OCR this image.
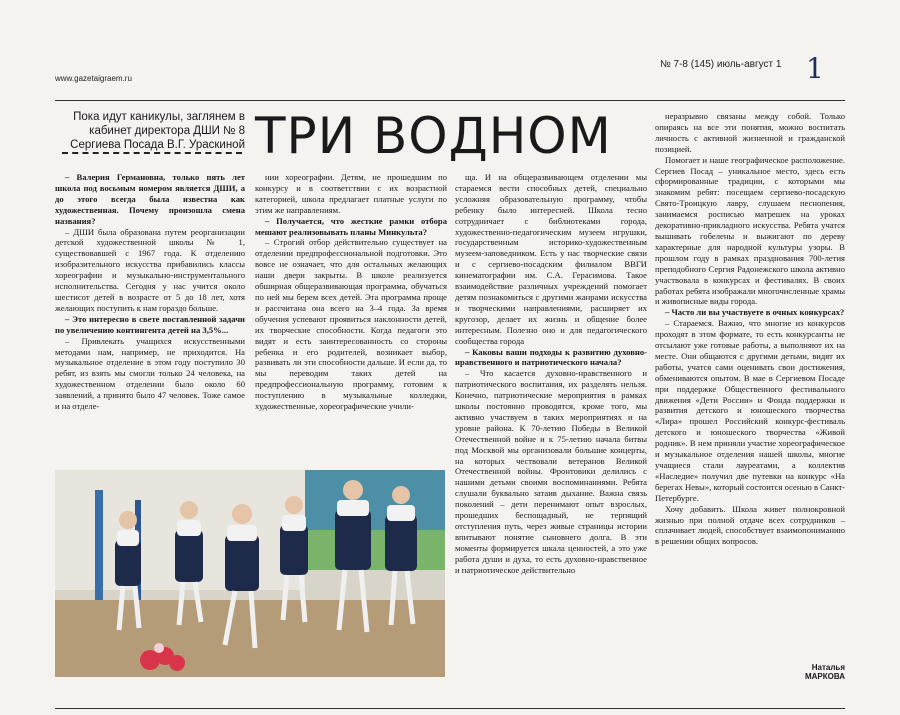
www.gazetaigraem.ru
№ 7-8 (145) июль-август 1 1
Пока идут каникулы, заглянем в кабинет директора ДШИ № 8 Сергиева Посада В.Г. Ураскиной ТРИ ВОДНОМ

– Валерия Германовна, только пять лет школа под восьмым номером является ДШИ, а до этого всегда была известна как художественная. Почему произошла смена названия?

– ДШИ была образована путем реорганизации детской художественной школы № 1, существовавшей с 1967 года. К отделению изобразительного искусства прибавились классы хореографии и музыкально-инструментального исполнительства. Сегодня у нас учится около шестисот детей в возрасте от 5 до 18 лет, хотя желающих поступить к нам гораздо больше.

– Это интересно в свете поставленной задачи по увеличению контингента детей на 3,5%...

– Привлекать учащихся искусственными методами нам, например, не приходится. На музыкальное отделение в этом году поступило 30 ребят, из взять мы смогли только 24 человека, на художественном отделении было около 60 заявлений, а принято было 47 человек. Тоже самое и на отделе-

нии хореографии. Детям, не прошедшим по конкурсу и в соответствии с их возрастной категорией, школа предлагает платные услуги по этим же направлениям.

– Получается, что жесткие рамки отбора мешают реализовывать планы Минкульта?

– Строгий отбор действительно существует на отделении предпрофессиональной подготовки. Это вовсе не означает, что для остальных желающих наши двери закрыты. В школе реализуется обширная общеразвивающая программа, обучаться по ней мы берем всех детей. Эта программа проще и рассчитана она всего на 3–4 года. За время обучения успевают проявиться наклонности детей, их творческие способности. Когда педагоги это видят и есть заинтересованность со стороны ребенка и его родителей, возникает выбор, развивать ли эти способности дальше. И если да, то мы переводим таких детей на предпрофессиональную программу, готовим к поступлению в музыкальные колледжи, художественные, хореографические учили-

ща. И на общеразвивающем отделении мы стараемся вести способных детей, специально усложняя образовательную программу, чтобы ребенку было интересней. Школа тесно сотрудничает с библиотеками города, художественно-педагогическим музеем игрушки, государственным историко-художественным музеем-заповедником. Есть у нас творческие связи и с сергиево-посадским филиалом ВВГИ кинематографии им. С.А. Герасимова. Такое взаимодействие различных учреждений помогает детям познакомиться с другими жанрами искусства и творческими направлениями, расширяет их кругозор, делает их жизнь и общение более интересным. Полезно оно и для педагогического сообщества города

– Каковы ваши подходы к развитию духовно-нравственного и патриотического начала?

– Что касается духовно-нравственного и патриотического воспитания, их разделять нельзя. Конечно, патриотические мероприятия в рамках школы постоянно проводятся, кроме того, мы активно участвуем в таких мероприятиях и на уровне района. К 70-летию Победы в Великой Отечественной войне и к 75-летию начала битвы под Москвой мы организовали большие концерты, на которых чествовали ветеранов Великой Отечественной войны. Фронтовики делились с нашими детьми своими воспоминаниями. Ребята слушали буквально затаив дыхание. Важна связь поколений – дети перенимают опыт взрослых, прошедших беспощадный, не терпящий отступления путь, через живые страницы истории впитывают понятие сыновнего долга. В эти моменты формируется шкала ценностей, а это уже работа души и духа, то есть духовно-нравственное и патриотическое действительно

неразрывно связаны между собой. Только опираясь на все эти понятия, можно воспитать личность с активной жизненной и гражданской позицией.

Помогает и наше географическое расположение. Сергиев Посад – уникальное место, здесь есть сформированные традиции, с которыми мы знакомим ребят: посещаем сергиево-посадскую Свято-Троицкую лавру, слушаем песнопения, занимаемся росписью матрешек на уроках декоративно-прикладного искусства. Ребята учатся вышивать гобелены и выжигают по дереву характерные для народной культуры узоры. В прошлом году в рамках празднования 700-летия преподобного Сергия Радонежского школа активно участвовала в конкурсах и фестивалях. В своих работах ребята изображали многочисленные храмы и живописные виды города.

– Часто ли вы участвуете в очных конкурсах?

– Стараемся. Важно, что многие из конкурсов проходят в этом формате, то есть конкурсанты не отсылают уже готовые работы, а выполняют их на месте. Они общаются с другими детьми, видят их работы, учатся сами оценивать свои достижения, обмениваются опытом. В мае в Сергиевом Посаде при поддержке Общественного фестивального движения «Дети России» и Фонда поддержки и развития детского и юношеского творчества «Лира» прошел Российский конкурс-фестиваль детского и юношеского творчества «Живой родник». В нем приняли участие хореографическое и музыкальное отделения нашей школы, многие учащиеся стали лауреатами, а коллектив «Наследие» получил две путевки на конкурс «На берегах Невы», который состоится осенью в Санкт-Петербурге.

Хочу добавить. Школа живет полнокровной жизнью при полной отдаче всех сотрудников – сплачивает людей, способствует взаимопониманию в решении общих вопросов.

Наталья МАРКОВА
